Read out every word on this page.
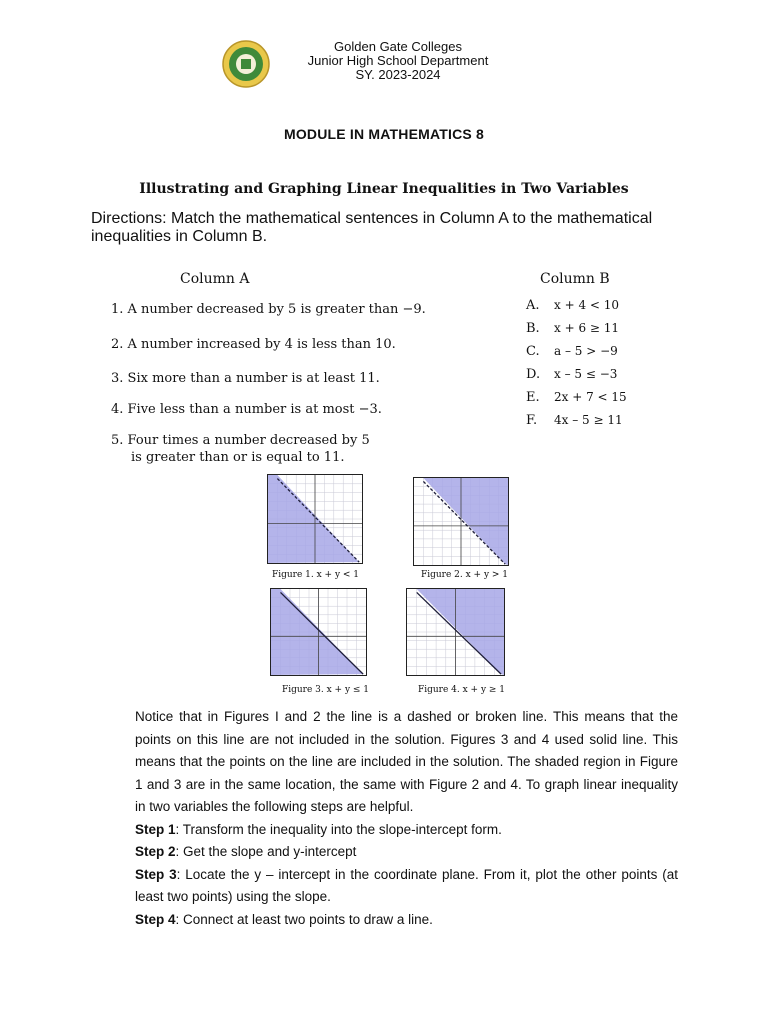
Golden Gate Colleges
Junior High School Department
SY. 2023-2024
MODULE IN MATHEMATICS 8
Illustrating and Graphing Linear Inequalities in Two Variables
Directions: Match the mathematical sentences in Column A to the mathematical inequalities in Column B.
Column A	Column B
1. A number decreased by 5 is greater than −9.
2. A number increased by 4 is less than 10.
3. Six more than a number is at least 11.
4. Five less than a number is at most −3.
5. Four times a number decreased by 5
is greater than or is equal to 11.
A. x + 4 < 10
B. x + 6 ≥ 11
C. a – 5 > −9
D. x – 5 ≤ −3
E. 2x + 7 < 15
F. 4x – 5 ≥ 11
Figure 1. x + y < 1	Figure 2. x + y > 1
Figure 3. x + y ≤ 1	Figure 4. x + y ≥ 1

Notice that in Figures I and 2 the line is a dashed or broken line. This means that the points on this line are not included in the solution. Figures 3 and 4 used solid line. This means that the points on the line are included in the solution. The shaded region in Figure 1 and 3 are in the same location, the same with Figure 2 and 4. To graph linear inequality in two variables the following steps are helpful.

Step 1: Transform the inequality into the slope-intercept form.

Step 2: Get the slope and y-intercept

Step 3: Locate the y – intercept in the coordinate plane. From it, plot the other points (at least two points) using the slope.

Step 4: Connect at least two points to draw a line.
